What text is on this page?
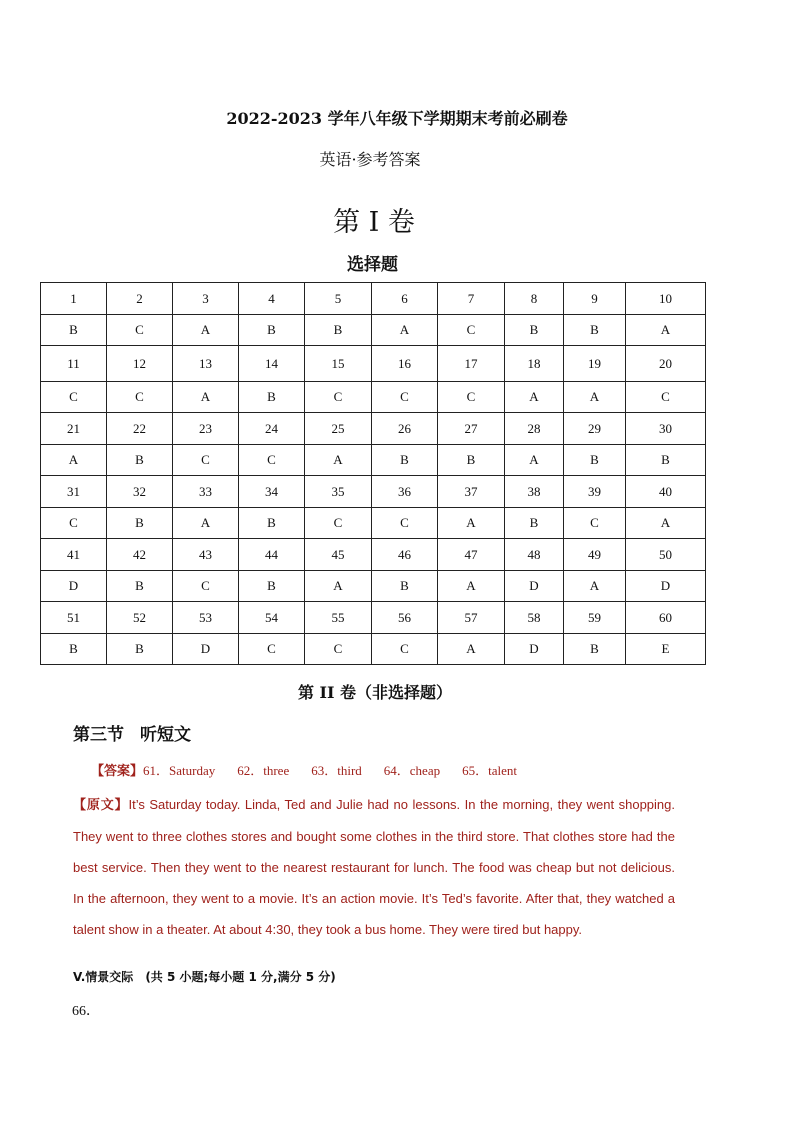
2022-2023 学年八年级下学期期末考前必刷卷
英语·参考答案
第 I 卷
选择题
1	2	3	4	5	6	7	8	9	10
B	C	A	B	B	A	C	B	B	A
11	12	13	14	15	16	17	18	19	20
C	C	A	B	C	C	C	A	A	C
21	22	23	24	25	26	27	28	29	30
A	B	C	C	A	B	B	A	B	B
31	32	33	34	35	36	37	38	39	40
C	B	A	B	C	C	A	B	C	A
41	42	43	44	45	46	47	48	49	50
D	B	C	B	A	B	A	D	A	D
51	52	53	54	55	56	57	58	59	60
B	B	D	C	C	C	A	D	B	E
第 II 卷（非选择题）
第三节 听短文
【答案】61．Saturday 62．three 63．third 64．cheap 65．talent
【原文】It’s Saturday today. Linda, Ted and Julie had no lessons. In the morning, they went shopping. They went to three clothes stores and bought some clothes in the third store. That clothes store had the best service. Then they went to the nearest restaurant for lunch. The food was cheap but not delicious. In the afternoon, they went to a movie. It’s an action movie. It’s Ted’s favorite. After that, they watched a talent show in a theater. At about 4:30, they took a bus home. They were tired but happy.
V.情景交际 (共 5 小题;每小题 1 分,满分 5 分)
66．
